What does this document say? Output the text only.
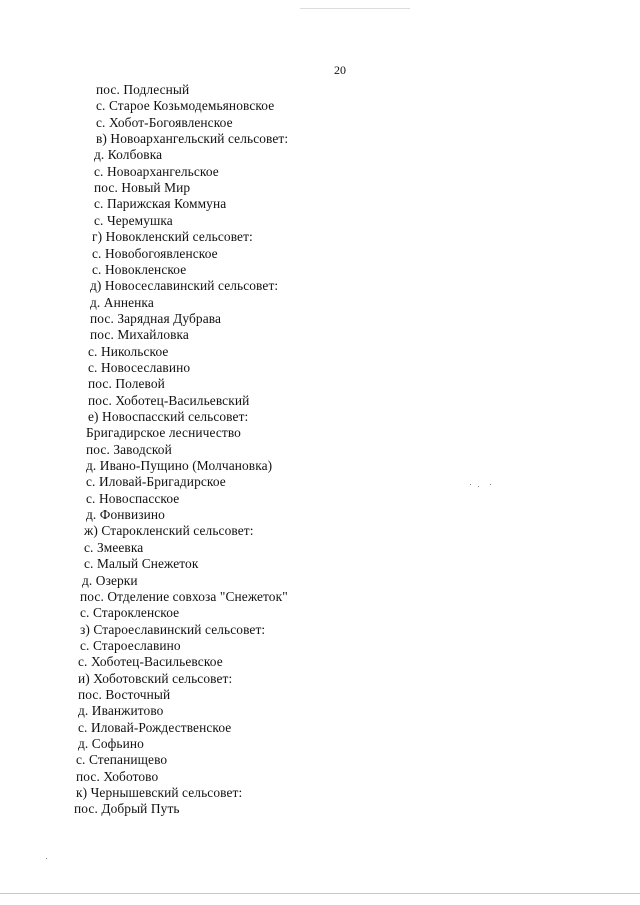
20
пос. Подлесный
с. Старое Козьмодемьяновское
с. Хобот-Богоявленское
в) Новоархангельский сельсовет:
д. Колбовка
с. Новоархангельское
пос. Новый Мир
с. Парижская Коммуна
с. Черемушка
г) Новокленский сельсовет:
с. Новобогоявленское
с. Новокленское
д) Новосеславинский сельсовет:
д. Анненка
пос. Зарядная Дубрава
пос. Михайловка
с. Никольское
с. Новосеславино
пос. Полевой
пос. Хоботец-Васильевский
е) Новоспасский сельсовет:
Бригадирское лесничество
пос. Заводской
д. Ивано-Пущино (Молчановка)
с. Иловай-Бригадирское
с. Новоспасское
д. Фонвизино
ж) Старокленский сельсовет:
с. Змеевка
с. Малый Снежеток
д. Озерки
пос. Отделение совхоза "Снежеток"
с. Старокленское
з) Староеславинский сельсовет:
с. Староеславино
с. Хоботец-Васильевское
и) Хоботовский сельсовет:
пос. Восточный
д. Иванжитово
с. Иловай-Рождественское
д. Софьино
с. Степанищево
пос. Хоботово
к) Чернышевский сельсовет:
пос. Добрый Путь
